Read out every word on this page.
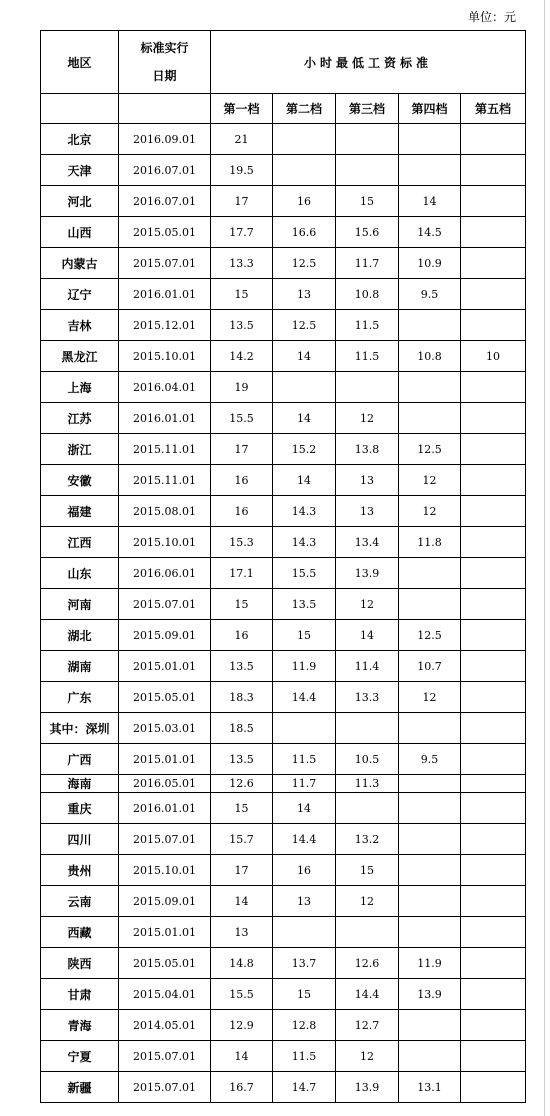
单位：元
地区	标准实行
日期	小时最低工资标准				
		第一档	第二档	第三档	第四档	第五档
北京	2016.09.01	21				
天津	2016.07.01	19.5				
河北	2016.07.01	17	16	15	14	
山西	2015.05.01	17.7	16.6	15.6	14.5	
内蒙古	2015.07.01	13.3	12.5	11.7	10.9	
辽宁	2016.01.01	15	13	10.8	9.5	
吉林	2015.12.01	13.5	12.5	11.5		
黑龙江	2015.10.01	14.2	14	11.5	10.8	10
上海	2016.04.01	19				
江苏	2016.01.01	15.5	14	12		
浙江	2015.11.01	17	15.2	13.8	12.5	
安徽	2015.11.01	16	14	13	12	
福建	2015.08.01	16	14.3	13	12	
江西	2015.10.01	15.3	14.3	13.4	11.8	
山东	2016.06.01	17.1	15.5	13.9		
河南	2015.07.01	15	13.5	12		
湖北	2015.09.01	16	15	14	12.5	
湖南	2015.01.01	13.5	11.9	11.4	10.7	
广东	2015.05.01	18.3	14.4	13.3	12	
其中：深圳	2015.03.01	18.5				
广西	2015.01.01	13.5	11.5	10.5	9.5	
海南	2016.05.01	12.6	11.7	11.3		
重庆	2016.01.01	15	14			
四川	2015.07.01	15.7	14.4	13.2		
贵州	2015.10.01	17	16	15		
云南	2015.09.01	14	13	12		
西藏	2015.01.01	13				
陕西	2015.05.01	14.8	13.7	12.6	11.9	
甘肃	2015.04.01	15.5	15	14.4	13.9	
青海	2014.05.01	12.9	12.8	12.7		
宁夏	2015.07.01	14	11.5	12		
新疆	2015.07.01	16.7	14.7	13.9	13.1	
